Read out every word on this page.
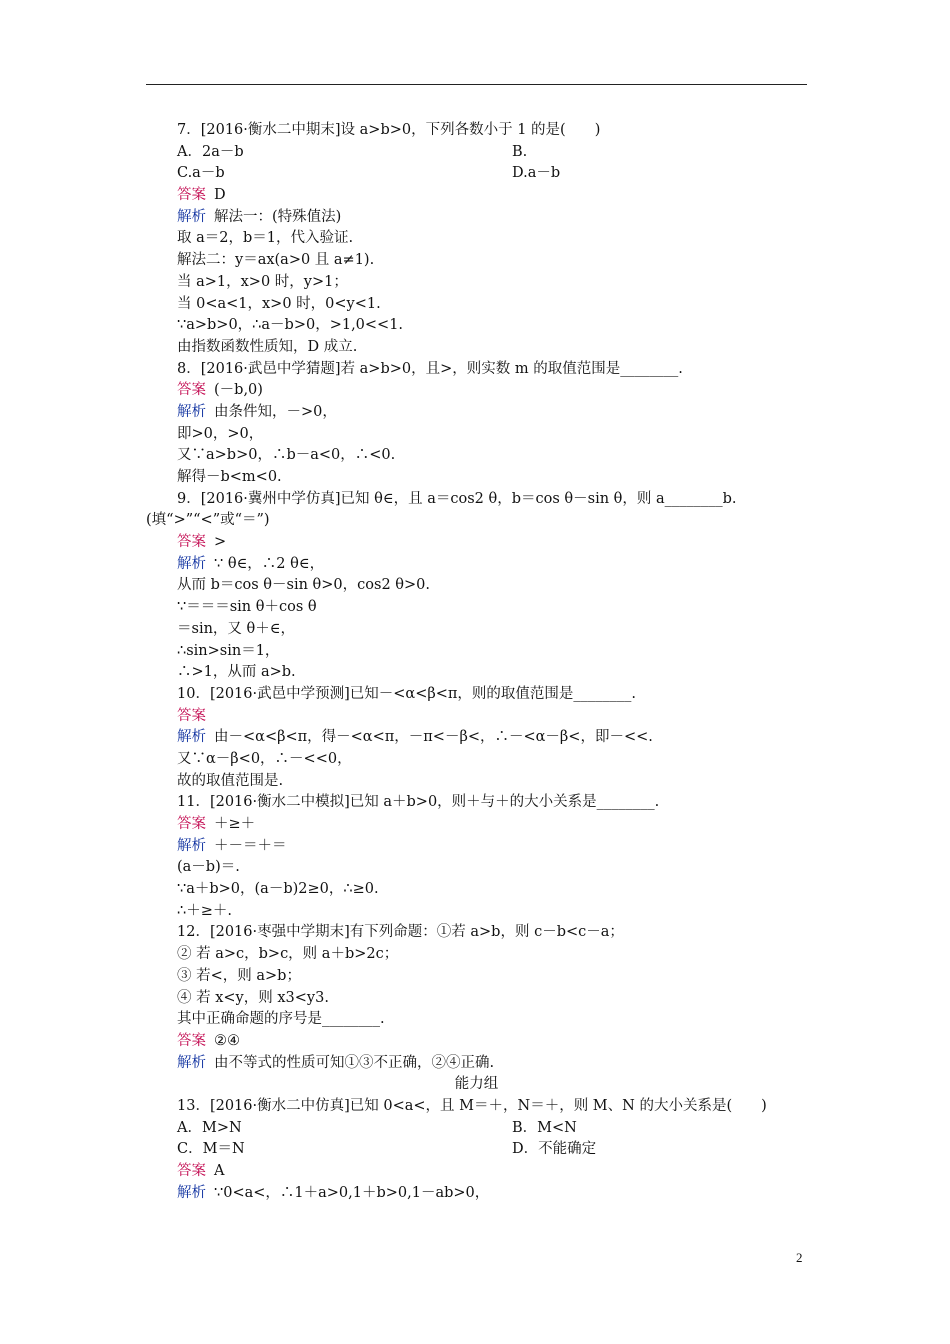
7．[2016·衡水二中期末]设 a>b>0，下列各数小于 1 的是(　　)
A．2a－b	B.
C.a－b	D.a－b
答案 D
解析 解法一：(特殊值法)
取 a＝2，b＝1，代入验证.
解法二：y＝ax(a>0 且 a≠1).
当 a>1，x>0 时，y>1；
当 0<a<1，x>0 时，0<y<1.
∵a>b>0，∴a－b>0，>1,0<<1.
由指数函数性质知，D 成立.
8．[2016·武邑中学猜题]若 a>b>0，且>，则实数 m 的取值范围是________.
答案 (－b,0)
解析 由条件知，－>0，
即>0，>0，
又∵a>b>0，∴b－a<0，∴<0.
解得－b<m<0.
9．[2016·冀州中学仿真]已知 θ∈，且 a＝cos2 θ，b＝cos θ－sin θ，则 a________b.
(填“>”“<”或“＝”)
答案 >
解析 ∵ θ∈，∴2 θ∈，
从而 b＝cos θ－sin θ>0，cos2 θ>0.
∵＝＝＝sin θ＋cos θ
＝sin，又 θ＋∈，
∴sin>sin＝1，
∴>1，从而 a>b.
10．[2016·武邑中学预测]已知－<α<β<π，则的取值范围是________.
答案
解析 由－<α<β<π，得－<α<π，－π<－β<，∴－<α－β<，即－<<.
又∵α－β<0，∴－<<0，
故的取值范围是.
11．[2016·衡水二中模拟]已知 a＋b>0，则＋与＋的大小关系是________.
答案 ＋≥＋
解析 ＋－＝＋＝
(a－b)＝.
∵a＋b>0，(a－b)2≥0，∴≥0.
∴＋≥＋.
12．[2016·枣强中学期末]有下列命题：①若 a>b，则 c－b<c－a；
② 若 a>c，b>c，则 a＋b>2c；
③ 若<，则 a>b；
④ 若 x<y，则 x3<y3.
其中正确命题的序号是________.
答案 ②④
解析 由不等式的性质可知①③不正确，②④正确.
能力组
13．[2016·衡水二中仿真]已知 0<a<，且 M＝＋，N＝＋，则 M、N 的大小关系是(　　)
A．M>N	B．M<N
C．M＝N	D．不能确定
答案 A
解析 ∵0<a<，∴1＋a>0,1＋b>0,1－ab>0，
2
